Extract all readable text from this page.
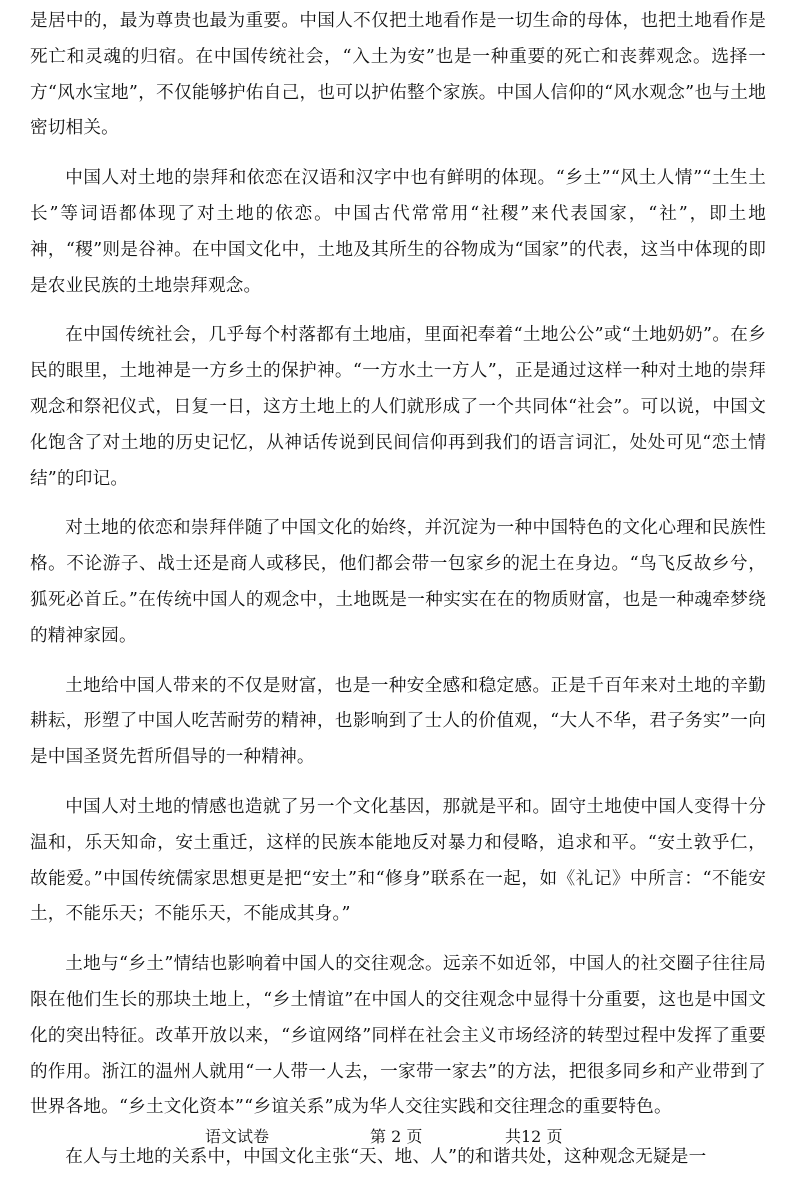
是居中的，最为尊贵也最为重要。中国人不仅把土地看作是一切生命的母体，也把土地看作是死亡和灵魂的归宿。在中国传统社会，“入土为安”也是一种重要的死亡和丧葬观念。选择一方“风水宝地”，不仅能够护佑自己，也可以护佑整个家族。中国人信仰的“风水观念”也与土地密切相关。

中国人对土地的崇拜和依恋在汉语和汉字中也有鲜明的体现。“乡土”“风土人情”“土生土长”等词语都体现了对土地的依恋。中国古代常常用“社稷”来代表国家，“社”，即土地神，“稷”则是谷神。在中国文化中，土地及其所生的谷物成为“国家”的代表，这当中体现的即是农业民族的土地崇拜观念。

在中国传统社会，几乎每个村落都有土地庙，里面祀奉着“土地公公”或“土地奶奶”。在乡民的眼里，土地神是一方乡土的保护神。“一方水土一方人”，正是通过这样一种对土地的崇拜观念和祭祀仪式，日复一日，这方土地上的人们就形成了一个共同体“社会”。可以说，中国文化饱含了对土地的历史记忆，从神话传说到民间信仰再到我们的语言词汇，处处可见“恋土情结”的印记。

对土地的依恋和崇拜伴随了中国文化的始终，并沉淀为一种中国特色的文化心理和民族性格。不论游子、战士还是商人或移民，他们都会带一包家乡的泥土在身边。“鸟飞反故乡兮，狐死必首丘。”在传统中国人的观念中，土地既是一种实实在在的物质财富，也是一种魂牵梦绕的精神家园。

土地给中国人带来的不仅是财富，也是一种安全感和稳定感。正是千百年来对土地的辛勤耕耘，形塑了中国人吃苦耐劳的精神，也影响到了士人的价值观，“大人不华，君子务实”一向是中国圣贤先哲所倡导的一种精神。

中国人对土地的情感也造就了另一个文化基因，那就是平和。固守土地使中国人变得十分温和，乐天知命，安土重迁，这样的民族本能地反对暴力和侵略，追求和平。“安土敦乎仁，故能爱。”中国传统儒家思想更是把“安土”和“修身”联系在一起，如《礼记》中所言：“不能安土，不能乐天；不能乐天，不能成其身。”

土地与“乡土”情结也影响着中国人的交往观念。远亲不如近邻，中国人的社交圈子往往局限在他们生长的那块土地上，“乡土情谊”在中国人的交往观念中显得十分重要，这也是中国文化的突出特征。改革开放以来，“乡谊网络”同样在社会主义市场经济的转型过程中发挥了重要的作用。浙江的温州人就用“一人带一人去，一家带一家去”的方法，把很多同乡和产业带到了世界各地。“乡土文化资本”“乡谊关系”成为华人交往实践和交往理念的重要特色。

在人与土地的关系中，中国文化主张“天、地、人”的和谐共处，这种观念无疑是一

语文试卷	第 2 页	共12 页
